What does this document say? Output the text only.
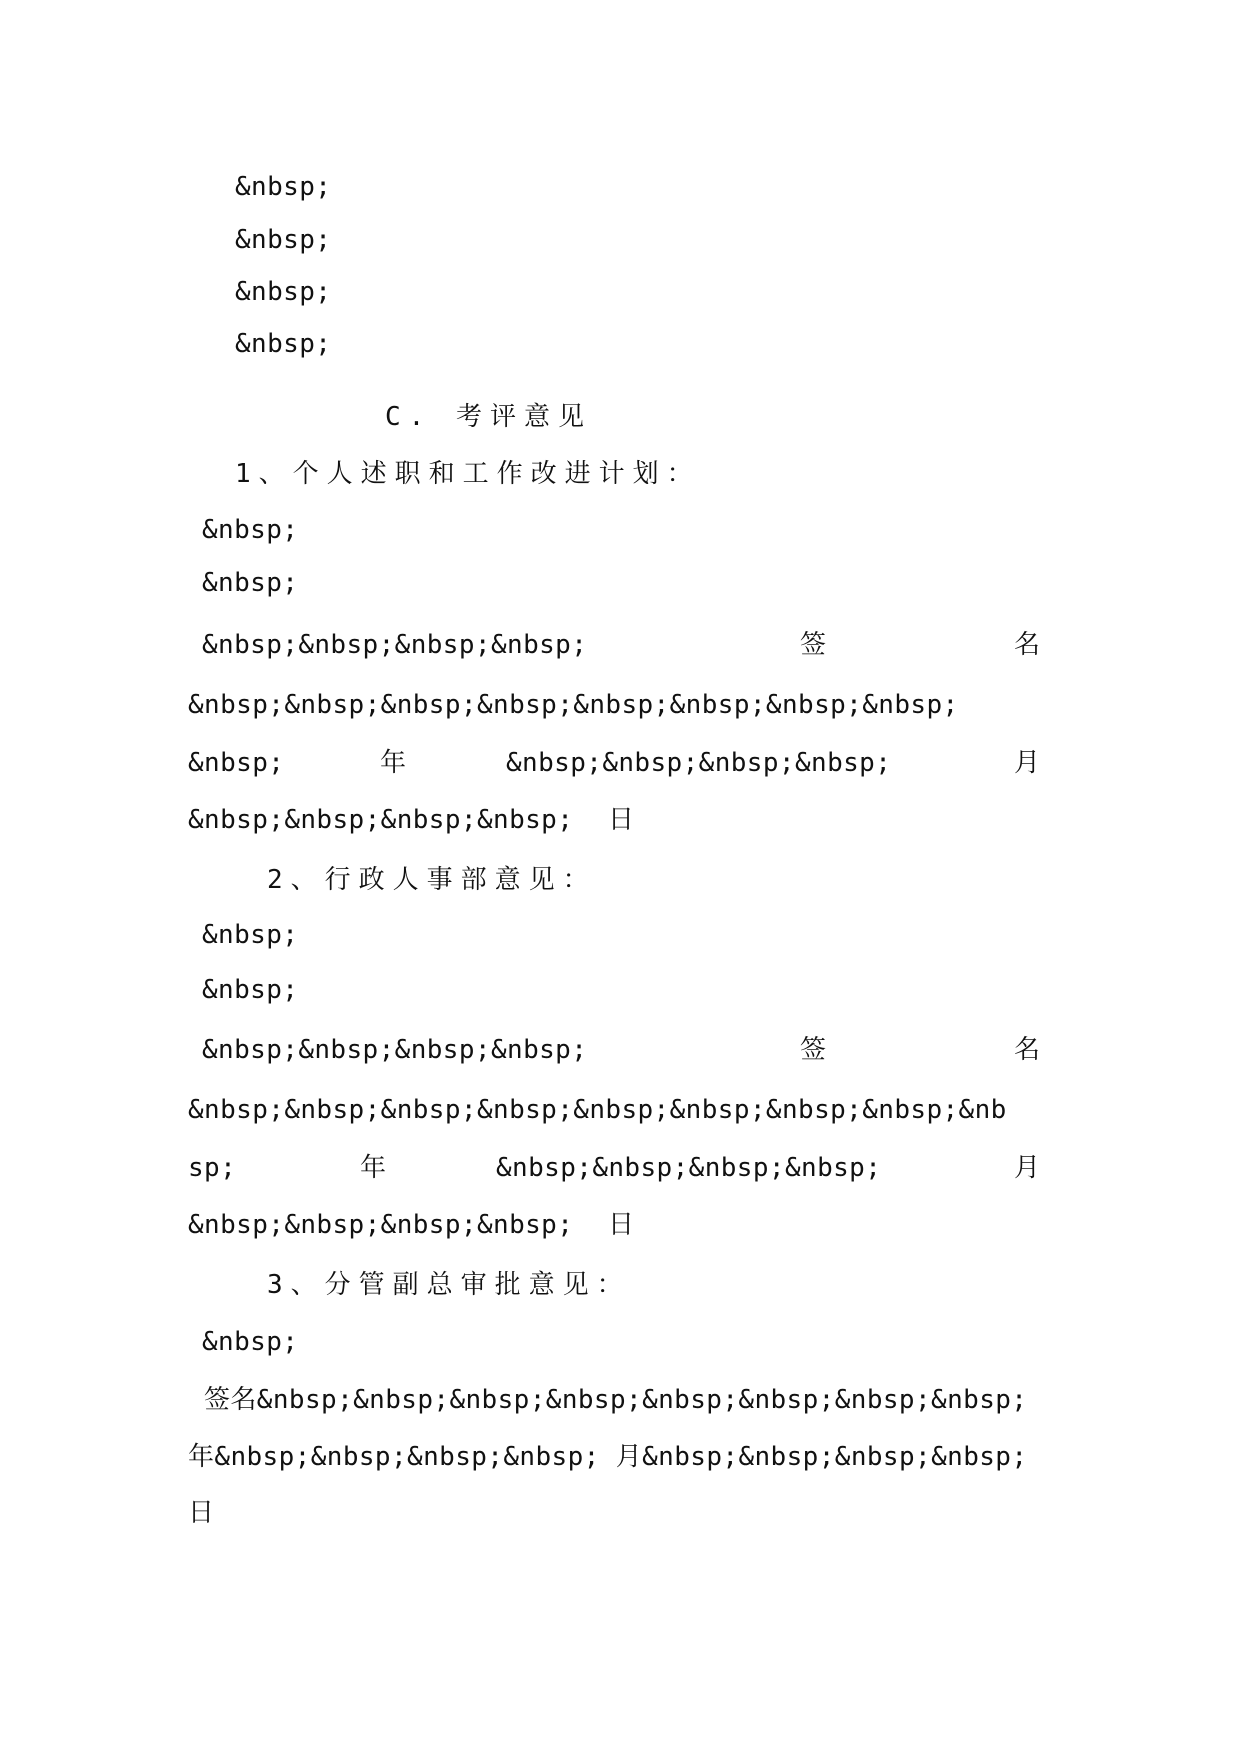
&nbsp;
&nbsp;
&nbsp;
&nbsp;
C. 考评意见
1、个人述职和工作改进计划：
&nbsp;
&nbsp;

&nbsp;&nbsp;&nbsp;&nbsp;

	签

	名

&nbsp;&nbsp;&nbsp;&nbsp;&nbsp;&nbsp;&nbsp;&nbsp;

&nbsp;

	年

	&nbsp;&nbsp;&nbsp;&nbsp;

	月

&nbsp;&nbsp;&nbsp;&nbsp;

日

2、行政人事部意见：
&nbsp;
&nbsp;

&nbsp;&nbsp;&nbsp;&nbsp;

	签

	名

&nbsp;&nbsp;&nbsp;&nbsp;&nbsp;&nbsp;&nbsp;&nbsp;&nb

sp;

	年

	&nbsp;&nbsp;&nbsp;&nbsp;

	月

&nbsp;&nbsp;&nbsp;&nbsp;

日

3、分管副总审批意见：
&nbsp;
签名&nbsp;&nbsp;&nbsp;&nbsp;&nbsp;&nbsp;&nbsp;&nbsp;
年&nbsp;&nbsp;&nbsp;&nbsp; 月&nbsp;&nbsp;&nbsp;&nbsp;
日
